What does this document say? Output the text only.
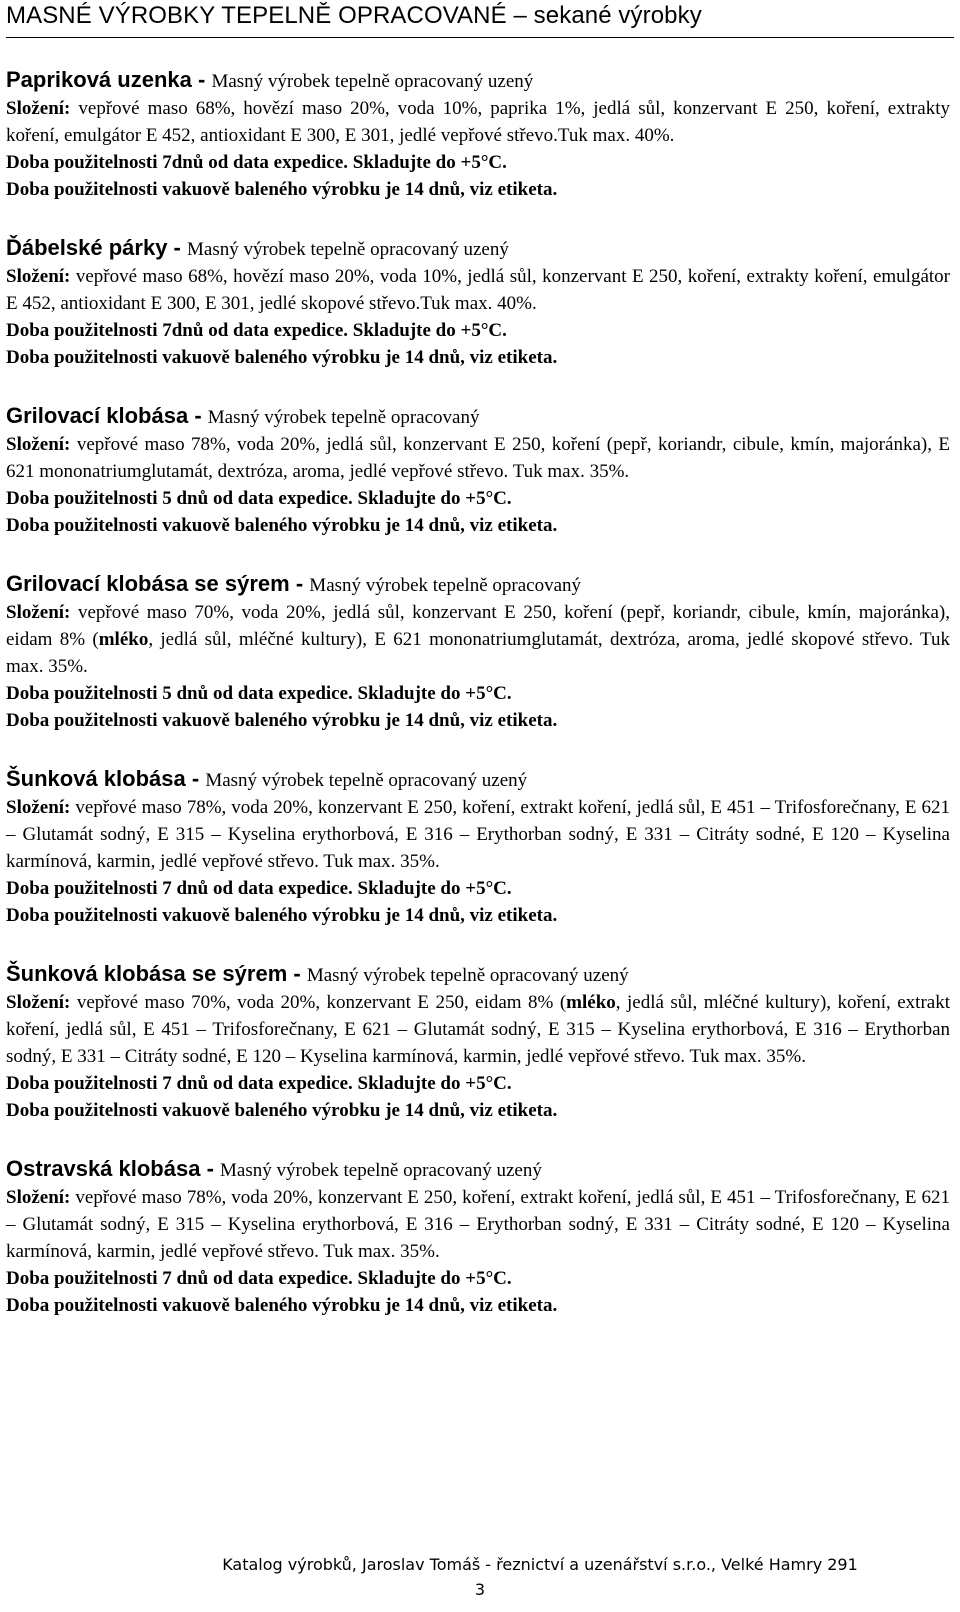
MASNÉ VÝROBKY TEPELNĚ OPRACOVANÉ – sekané výrobky

Papriková uzenka - Masný výrobek tepelně opracovaný uzený

Složení: vepřové maso 68%, hovězí maso 20%, voda 10%, paprika 1%, jedlá sůl, konzervant E 250, koření, extrakty koření, emulgátor E 452, antioxidant E 300, E 301, jedlé vepřové střevo.Tuk max. 40%.

Doba použitelnosti 7dnů od data expedice. Skladujte do +5°C.

Doba použitelnosti vakuově baleného výrobku je 14 dnů, viz etiketa.

Ďábelské párky - Masný výrobek tepelně opracovaný uzený

Složení: vepřové maso 68%, hovězí maso 20%, voda 10%, jedlá sůl, konzervant E 250, koření, extrakty koření, emulgátor E 452, antioxidant E 300, E 301, jedlé skopové střevo.Tuk max. 40%.

Doba použitelnosti 7dnů od data expedice. Skladujte do +5°C.

Doba použitelnosti vakuově baleného výrobku je 14 dnů, viz etiketa.

Grilovací klobása - Masný výrobek tepelně opracovaný

Složení: vepřové maso 78%, voda 20%, jedlá sůl, konzervant E 250, koření (pepř, koriandr, cibule, kmín, majoránka), E 621 mononatriumglutamát, dextróza, aroma, jedlé vepřové střevo. Tuk max. 35%.

Doba použitelnosti 5 dnů od data expedice. Skladujte do +5°C.

Doba použitelnosti vakuově baleného výrobku je 14 dnů, viz etiketa.

Grilovací klobása se sýrem - Masný výrobek tepelně opracovaný

Složení: vepřové maso 70%, voda 20%, jedlá sůl, konzervant E 250, koření (pepř, koriandr, cibule, kmín, majoránka), eidam 8% (mléko, jedlá sůl, mléčné kultury), E 621 mononatriumglutamát, dextróza, aroma, jedlé skopové střevo. Tuk max. 35%.

Doba použitelnosti 5 dnů od data expedice. Skladujte do +5°C.

Doba použitelnosti vakuově baleného výrobku je 14 dnů, viz etiketa.

Šunková klobása - Masný výrobek tepelně opracovaný uzený

Složení: vepřové maso 78%, voda 20%, konzervant E 250, koření, extrakt koření, jedlá sůl, E 451 – Trifosforečnany, E 621 – Glutamát sodný, E 315 – Kyselina erythorbová, E 316 – Erythorban sodný, E 331 – Citráty sodné, E 120 – Kyselina karmínová, karmin, jedlé vepřové střevo. Tuk max. 35%.

Doba použitelnosti 7 dnů od data expedice. Skladujte do +5°C.

Doba použitelnosti vakuově baleného výrobku je 14 dnů, viz etiketa.

Šunková klobása se sýrem - Masný výrobek tepelně opracovaný uzený

Složení: vepřové maso 70%, voda 20%, konzervant E 250, eidam 8% (mléko, jedlá sůl, mléčné kultury), koření, extrakt koření, jedlá sůl, E 451 – Trifosforečnany, E 621 – Glutamát sodný, E 315 – Kyselina erythorbová, E 316 – Erythorban sodný, E 331 – Citráty sodné, E 120 – Kyselina karmínová, karmin, jedlé vepřové střevo. Tuk max. 35%.

Doba použitelnosti 7 dnů od data expedice. Skladujte do +5°C.

Doba použitelnosti vakuově baleného výrobku je 14 dnů, viz etiketa.

Ostravská klobása - Masný výrobek tepelně opracovaný uzený

Složení: vepřové maso 78%, voda 20%, konzervant E 250, koření, extrakt koření, jedlá sůl, E 451 – Trifosforečnany, E 621 – Glutamát sodný, E 315 – Kyselina erythorbová, E 316 – Erythorban sodný, E 331 – Citráty sodné, E 120 – Kyselina karmínová, karmin, jedlé vepřové střevo. Tuk max. 35%.

Doba použitelnosti 7 dnů od data expedice. Skladujte do +5°C.

Doba použitelnosti vakuově baleného výrobku je 14 dnů, viz etiketa.

Katalog výrobků, Jaroslav Tomáš - řeznictví a uzenářství s.r.o., Velké Hamry 291
3
